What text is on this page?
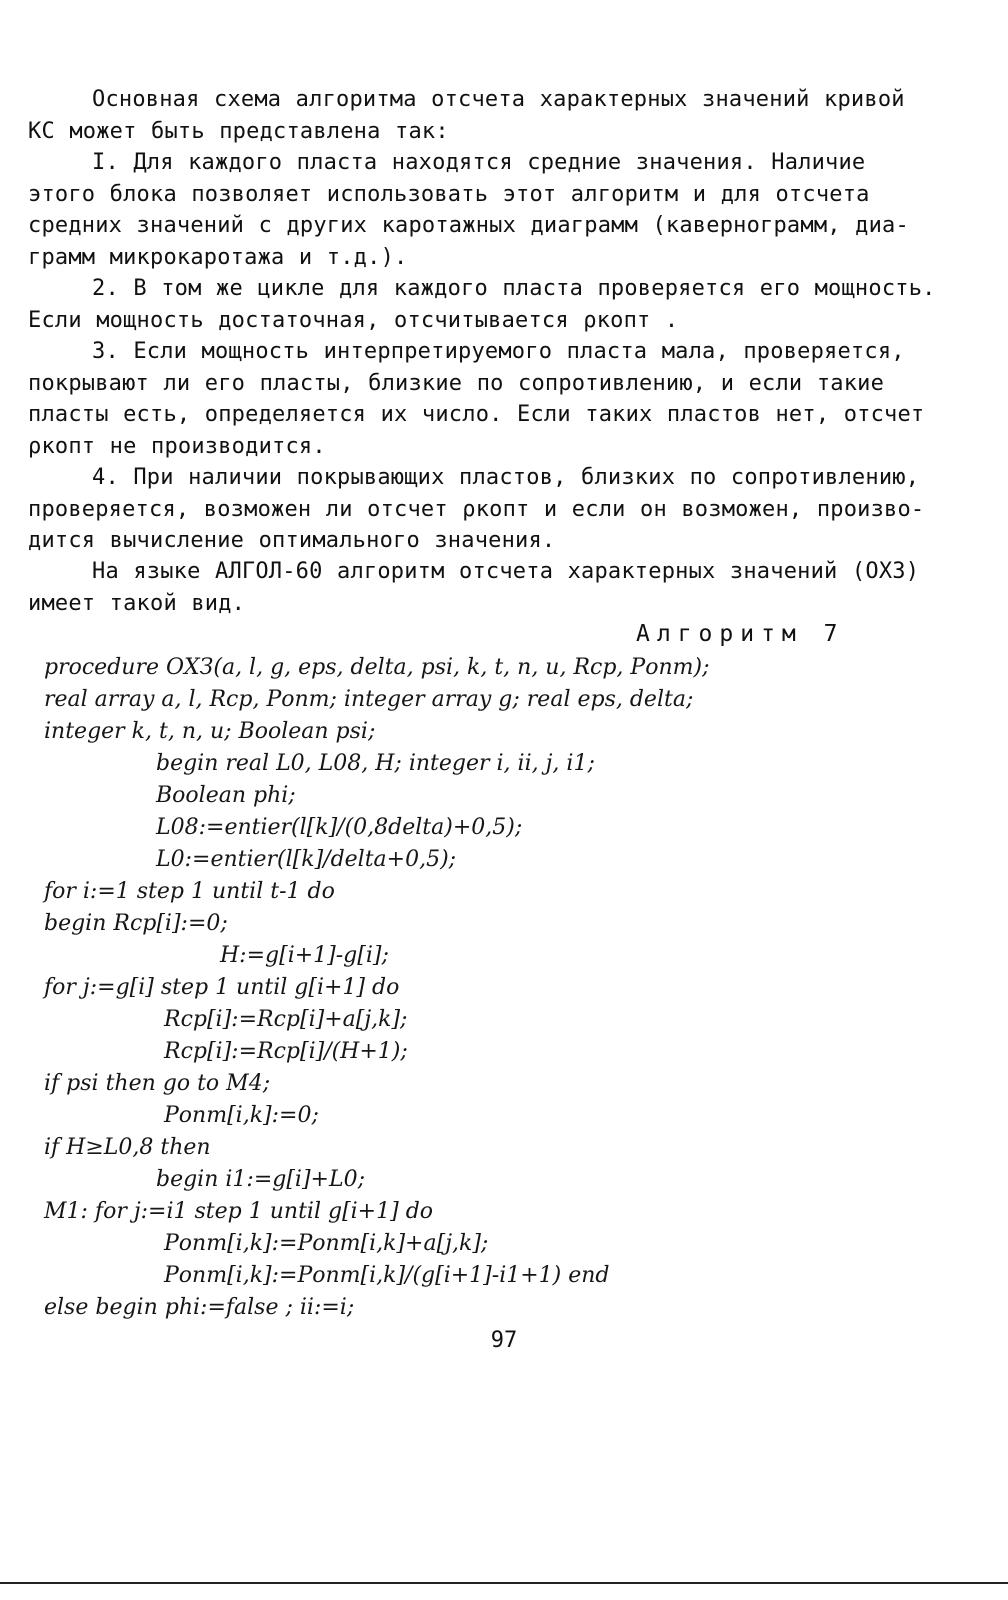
Основная схема алгоритма отсчета характерных значений кривой
КС может быть представлена так:
I. Для каждого пласта находятся средние значения. Наличие
этого блока позволяет использовать этот алгоритм и для отсчета
средних значений с других каротажных диаграмм (кавернограмм, диа-
грамм микрокаротажа и т.д.).
2. В том же цикле для каждого пласта проверяется его мощность.
Если мощность достаточная, отсчитывается ρкопт .
3. Если мощность интерпретируемого пласта мала, проверяется,
покрывают ли его пласты, близкие по сопротивлению, и если такие
пласты есть, определяется их число. Если таких пластов нет, отсчет
ρкопт не производится.
4. При наличии покрывающих пластов, близких по сопротивлению,
проверяется, возможен ли отсчет ρкопт и если он возможен, произво-
дится вычисление оптимального значения.
На языке АЛГОЛ-60 алгоритм отсчета характерных значений (ОХЗ)
имеет такой вид.
Алгоритм 7
procedure ОХЗ(a, l, g, eps, delta, psi, k, t, n, u, Rср, Ропт);
real array a, l, Rср, Ропт; integer array g; real eps, delta;
integer k, t, n, u; Boolean psi;
begin real L0, L08, H; integer i, ii, j, i1;
Boolean phi;
L08:=entier(l[k]/(0,8delta)+0,5);
L0:=entier(l[k]/delta+0,5);
for i:=1 step 1 until t-1 do
begin Rср[i]:=0;
H:=g[i+1]-g[i];
for j:=g[i] step 1 until g[i+1] do
Rср[i]:=Rср[i]+a[j,k];
Rср[i]:=Rср[i]/(H+1);
if psi then go to M4;
Ропт[i,k]:=0;
if H≥L0,8 then
begin i1:=g[i]+L0;
M1: for j:=i1 step 1 until g[i+1] do
Ропт[i,k]:=Ропт[i,k]+a[j,k];
Ропт[i,k]:=Ропт[i,k]/(g[i+1]-i1+1) end
else begin phi:=false ; ii:=i;
97
